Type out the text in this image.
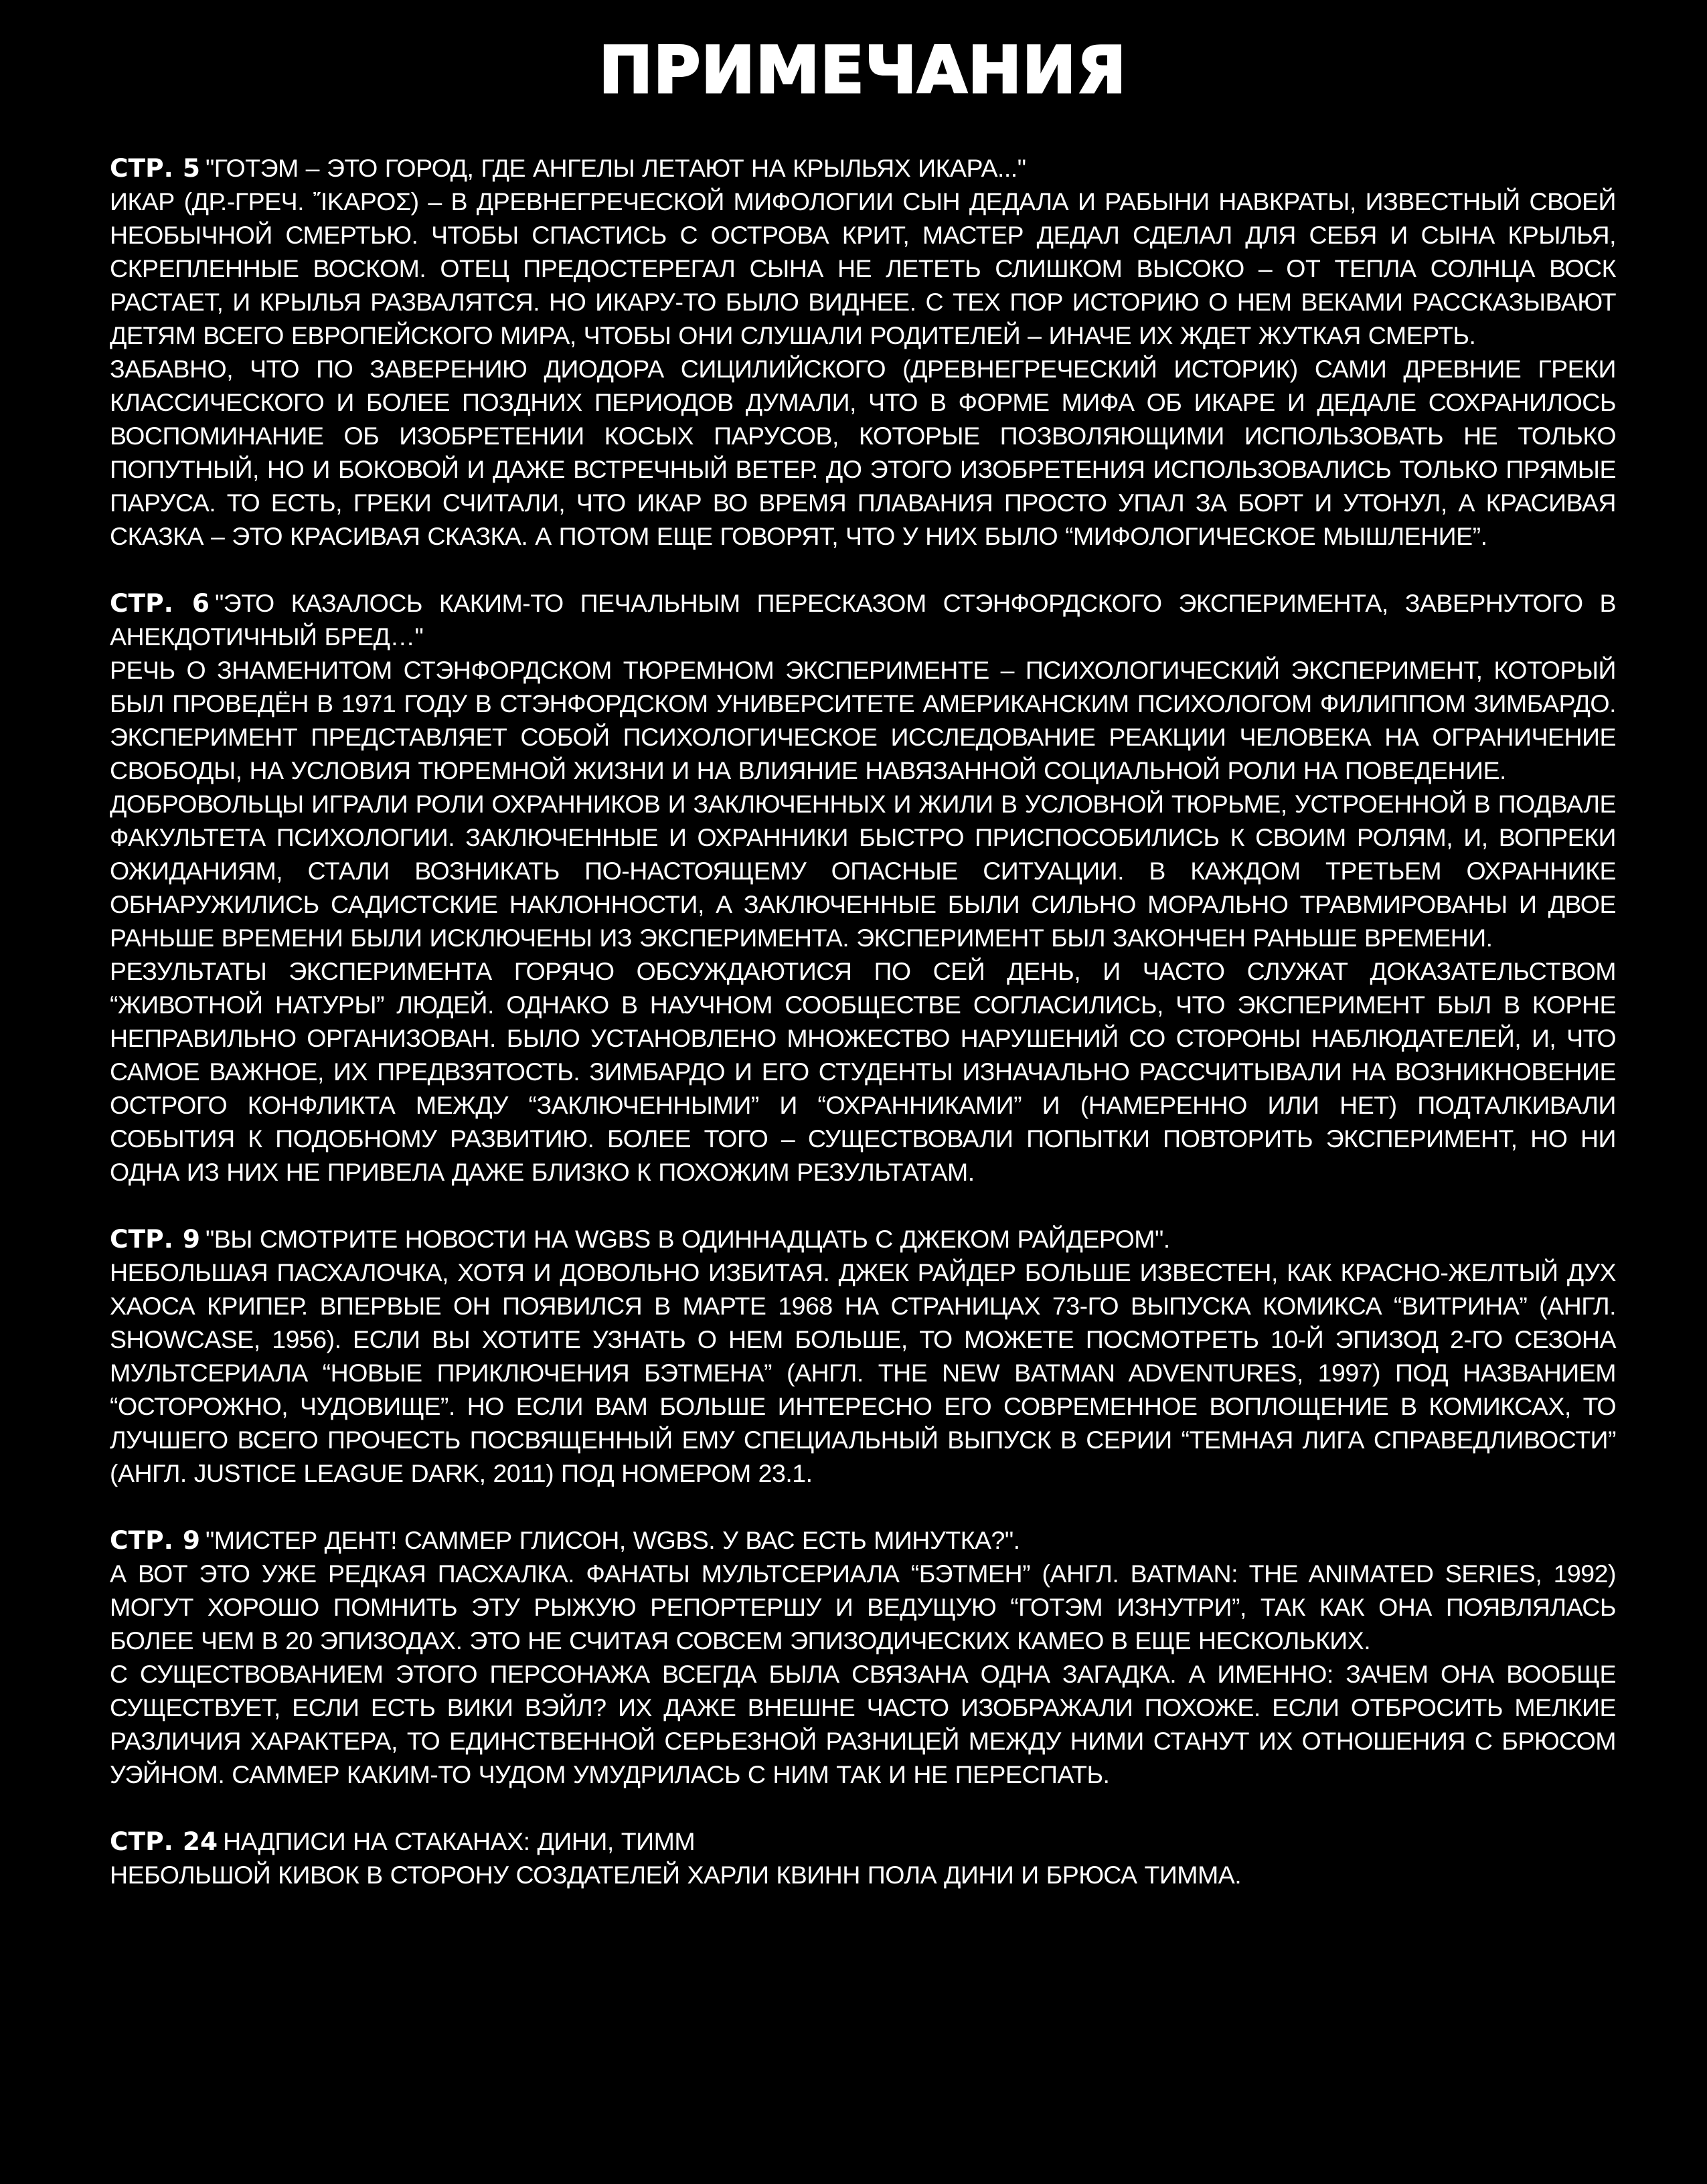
ПРИМЕЧАНИЯ

СТР. 5 "ГОТЭМ – ЭТО ГОРОД, ГДЕ АНГЕЛЫ ЛЕТАЮТ НА КРЫЛЬЯХ ИКАРА..."

ИКАР (ДР.-ГРЕЧ. ἼΚΑΡΟΣ) – В ДРЕВНЕГРЕЧЕСКОЙ МИФОЛОГИИ СЫН ДЕДАЛА И РАБЫНИ НАВКРАТЫ, ИЗВЕСТНЫЙ СВОЕЙ НЕОБЫЧНОЙ СМЕРТЬЮ. ЧТОБЫ СПАСТИСЬ С ОСТРОВА КРИТ, МАСТЕР ДЕДАЛ СДЕЛАЛ ДЛЯ СЕБЯ И СЫНА КРЫЛЬЯ, СКРЕПЛЕННЫЕ ВОСКОМ. ОТЕЦ ПРЕДОСТЕРЕГАЛ СЫНА НЕ ЛЕТЕТЬ СЛИШКОМ ВЫСОКО – ОТ ТЕПЛА СОЛНЦА ВОСК РАСТАЕТ, И КРЫЛЬЯ РАЗВАЛЯТСЯ. НО ИКАРУ-ТО БЫЛО ВИДНЕЕ. С ТЕХ ПОР ИСТОРИЮ О НЕМ ВЕКАМИ РАССКАЗЫВАЮТ ДЕТЯМ ВСЕГО ЕВРОПЕЙСКОГО МИРА, ЧТОБЫ ОНИ СЛУШАЛИ РОДИТЕЛЕЙ – ИНАЧЕ ИХ ЖДЕТ ЖУТКАЯ СМЕРТЬ.

ЗАБАВНО, ЧТО ПО ЗАВЕРЕНИЮ ДИОДОРА СИЦИЛИЙСКОГО (ДРЕВНЕГРЕЧЕСКИЙ ИСТОРИК) САМИ ДРЕВНИЕ ГРЕКИ КЛАССИЧЕСКОГО И БОЛЕЕ ПОЗДНИХ ПЕРИОДОВ ДУМАЛИ, ЧТО В ФОРМЕ МИФА ОБ ИКАРЕ И ДЕДАЛЕ СОХРАНИЛОСЬ ВОСПОМИНАНИЕ ОБ ИЗОБРЕТЕНИИ КОСЫХ ПАРУСОВ, КОТОРЫЕ ПОЗВОЛЯЮЩИМИ ИСПОЛЬЗОВАТЬ НЕ ТОЛЬКО ПОПУТНЫЙ, НО И БОКОВОЙ И ДАЖЕ ВСТРЕЧНЫЙ ВЕТЕР. ДО ЭТОГО ИЗОБРЕТЕНИЯ ИСПОЛЬЗОВАЛИСЬ ТОЛЬКО ПРЯМЫЕ ПАРУСА. ТО ЕСТЬ, ГРЕКИ СЧИТАЛИ, ЧТО ИКАР ВО ВРЕМЯ ПЛАВАНИЯ ПРОСТО УПАЛ ЗА БОРТ И УТОНУЛ, А КРАСИВАЯ СКАЗКА – ЭТО КРАСИВАЯ СКАЗКА. А ПОТОМ ЕЩЕ ГОВОРЯТ, ЧТО У НИХ БЫЛО “МИФОЛОГИЧЕСКОЕ МЫШЛЕНИЕ”.

СТР. 6 "ЭТО КАЗАЛОСЬ КАКИМ-ТО ПЕЧАЛЬНЫМ ПЕРЕСКАЗОМ СТЭНФОРДСКОГО ЭКСПЕРИМЕНТА, ЗАВЕРНУТОГО В АНЕКДОТИЧНЫЙ БРЕД…"

РЕЧЬ О ЗНАМЕНИТОМ СТЭНФОРДСКОМ ТЮРЕМНОМ ЭКСПЕРИМЕНТЕ – ПСИХОЛОГИЧЕСКИЙ ЭКСПЕРИМЕНТ, КОТОРЫЙ БЫЛ ПРОВЕДЁН В 1971 ГОДУ В СТЭНФОРДСКОМ УНИВЕРСИТЕТЕ АМЕРИКАНСКИМ ПСИХОЛОГОМ ФИЛИППОМ ЗИМБАРДО. ЭКСПЕРИМЕНТ ПРЕДСТАВЛЯЕТ СОБОЙ ПСИХОЛОГИЧЕСКОЕ ИССЛЕДОВАНИЕ РЕАКЦИИ ЧЕЛОВЕКА НА ОГРАНИЧЕНИЕ СВОБОДЫ, НА УСЛОВИЯ ТЮРЕМНОЙ ЖИЗНИ И НА ВЛИЯНИЕ НАВЯЗАННОЙ СОЦИАЛЬНОЙ РОЛИ НА ПОВЕДЕНИЕ.

ДОБРОВОЛЬЦЫ ИГРАЛИ РОЛИ ОХРАННИКОВ И ЗАКЛЮЧЕННЫХ И ЖИЛИ В УСЛОВНОЙ ТЮРЬМЕ, УСТРОЕННОЙ В ПОДВАЛЕ ФАКУЛЬТЕТА ПСИХОЛОГИИ. ЗАКЛЮЧЕННЫЕ И ОХРАННИКИ БЫСТРО ПРИСПОСОБИЛИСЬ К СВОИМ РОЛЯМ, И, ВОПРЕКИ ОЖИДАНИЯМ, СТАЛИ ВОЗНИКАТЬ ПО-НАСТОЯЩЕМУ ОПАСНЫЕ СИТУАЦИИ. В КАЖДОМ ТРЕТЬЕМ ОХРАННИКЕ ОБНАРУЖИЛИСЬ САДИСТСКИЕ НАКЛОННОСТИ, А ЗАКЛЮЧЕННЫЕ БЫЛИ СИЛЬНО МОРАЛЬНО ТРАВМИРОВАНЫ И ДВОЕ РАНЬШЕ ВРЕМЕНИ БЫЛИ ИСКЛЮЧЕНЫ ИЗ ЭКСПЕРИМЕНТА. ЭКСПЕРИМЕНТ БЫЛ ЗАКОНЧЕН РАНЬШЕ ВРЕМЕНИ.

РЕЗУЛЬТАТЫ ЭКСПЕРИМЕНТА ГОРЯЧО ОБСУЖДАЮТИСЯ ПО СЕЙ ДЕНЬ, И ЧАСТО СЛУЖАТ ДОКАЗАТЕЛЬСТВОМ “ЖИВОТНОЙ НАТУРЫ” ЛЮДЕЙ. ОДНАКО В НАУЧНОМ СООБЩЕСТВЕ СОГЛАСИЛИСЬ, ЧТО ЭКСПЕРИМЕНТ БЫЛ В КОРНЕ НЕПРАВИЛЬНО ОРГАНИЗОВАН. БЫЛО УСТАНОВЛЕНО МНОЖЕСТВО НАРУШЕНИЙ СО СТОРОНЫ НАБЛЮДАТЕЛЕЙ, И, ЧТО САМОЕ ВАЖНОЕ, ИХ ПРЕДВЗЯТОСТЬ. ЗИМБАРДО И ЕГО СТУДЕНТЫ ИЗНАЧАЛЬНО РАССЧИТЫВАЛИ НА ВОЗНИКНОВЕНИЕ ОСТРОГО КОНФЛИКТА МЕЖДУ “ЗАКЛЮЧЕННЫМИ” И “ОХРАННИКАМИ” И (НАМЕРЕННО ИЛИ НЕТ) ПОДТАЛКИВАЛИ СОБЫТИЯ К ПОДОБНОМУ РАЗВИТИЮ. БОЛЕЕ ТОГО – СУЩЕСТВОВАЛИ ПОПЫТКИ ПОВТОРИТЬ ЭКСПЕРИМЕНТ, НО НИ ОДНА ИЗ НИХ НЕ ПРИВЕЛА ДАЖЕ БЛИЗКО К ПОХОЖИМ РЕЗУЛЬТАТАМ.

СТР. 9 "ВЫ СМОТРИТЕ НОВОСТИ НА WGBS В ОДИННАДЦАТЬ С ДЖЕКОМ РАЙДЕРОМ".

НЕБОЛЬШАЯ ПАСХАЛОЧКА, ХОТЯ И ДОВОЛЬНО ИЗБИТАЯ. ДЖЕК РАЙДЕР БОЛЬШЕ ИЗВЕСТЕН, КАК КРАСНО-ЖЕЛТЫЙ ДУХ ХАОСА КРИПЕР. ВПЕРВЫЕ ОН ПОЯВИЛСЯ В МАРТЕ 1968 НА СТРАНИЦАХ 73-ГО ВЫПУСКА КОМИКСА “ВИТРИНА” (АНГЛ. SHOWCASE, 1956). ЕСЛИ ВЫ ХОТИТЕ УЗНАТЬ О НЕМ БОЛЬШЕ, ТО МОЖЕТЕ ПОСМОТРЕТЬ 10-Й ЭПИЗОД 2-ГО СЕЗОНА МУЛЬТСЕРИАЛА “НОВЫЕ ПРИКЛЮЧЕНИЯ БЭТМЕНА” (АНГЛ. THE NEW BATMAN ADVENTURES, 1997) ПОД НАЗВАНИЕМ “ОСТОРОЖНО, ЧУДОВИЩЕ”. НО ЕСЛИ ВАМ БОЛЬШЕ ИНТЕРЕСНО ЕГО СОВРЕМЕННОЕ ВОПЛОЩЕНИЕ В КОМИКСАХ, ТО ЛУЧШЕГО ВСЕГО ПРОЧЕСТЬ ПОСВЯЩЕННЫЙ ЕМУ СПЕЦИАЛЬНЫЙ ВЫПУСК В СЕРИИ “ТЕМНАЯ ЛИГА СПРАВЕДЛИВОСТИ” (АНГЛ. JUSTICE LEAGUE DARK, 2011) ПОД НОМЕРОМ 23.1.

СТР. 9 "МИСТЕР ДЕНТ! САММЕР ГЛИСОН, WGBS. У ВАС ЕСТЬ МИНУТКА?".

А ВОТ ЭТО УЖЕ РЕДКАЯ ПАСХАЛКА. ФАНАТЫ МУЛЬТСЕРИАЛА “БЭТМЕН” (АНГЛ. BATMAN: THE ANIMATED SERIES, 1992) МОГУТ ХОРОШО ПОМНИТЬ ЭТУ РЫЖУЮ РЕПОРТЕРШУ И ВЕДУЩУЮ “ГОТЭМ ИЗНУТРИ”, ТАК КАК ОНА ПОЯВЛЯЛАСЬ БОЛЕЕ ЧЕМ В 20 ЭПИЗОДАХ. ЭТО НЕ СЧИТАЯ СОВСЕМ ЭПИЗОДИЧЕСКИХ КАМЕО В ЕЩЕ НЕСКОЛЬКИХ.

С СУЩЕСТВОВАНИЕМ ЭТОГО ПЕРСОНАЖА ВСЕГДА БЫЛА СВЯЗАНА ОДНА ЗАГАДКА. А ИМЕННО: ЗАЧЕМ ОНА ВООБЩЕ СУЩЕСТВУЕТ, ЕСЛИ ЕСТЬ ВИКИ ВЭЙЛ? ИХ ДАЖЕ ВНЕШНЕ ЧАСТО ИЗОБРАЖАЛИ ПОХОЖЕ. ЕСЛИ ОТБРОСИТЬ МЕЛКИЕ РАЗЛИЧИЯ ХАРАКТЕРА, ТО ЕДИНСТВЕННОЙ СЕРЬЕЗНОЙ РАЗНИЦЕЙ МЕЖДУ НИМИ СТАНУТ ИХ ОТНОШЕНИЯ С БРЮСОМ УЭЙНОМ. САММЕР КАКИМ-ТО ЧУДОМ УМУДРИЛАСЬ С НИМ ТАК И НЕ ПЕРЕСПАТЬ.

СТР. 24 НАДПИСИ НА СТАКАНАХ: ДИНИ, ТИММ

НЕБОЛЬШОЙ КИВОК В СТОРОНУ СОЗДАТЕЛЕЙ ХАРЛИ КВИНН ПОЛА ДИНИ И БРЮСА ТИММА.
